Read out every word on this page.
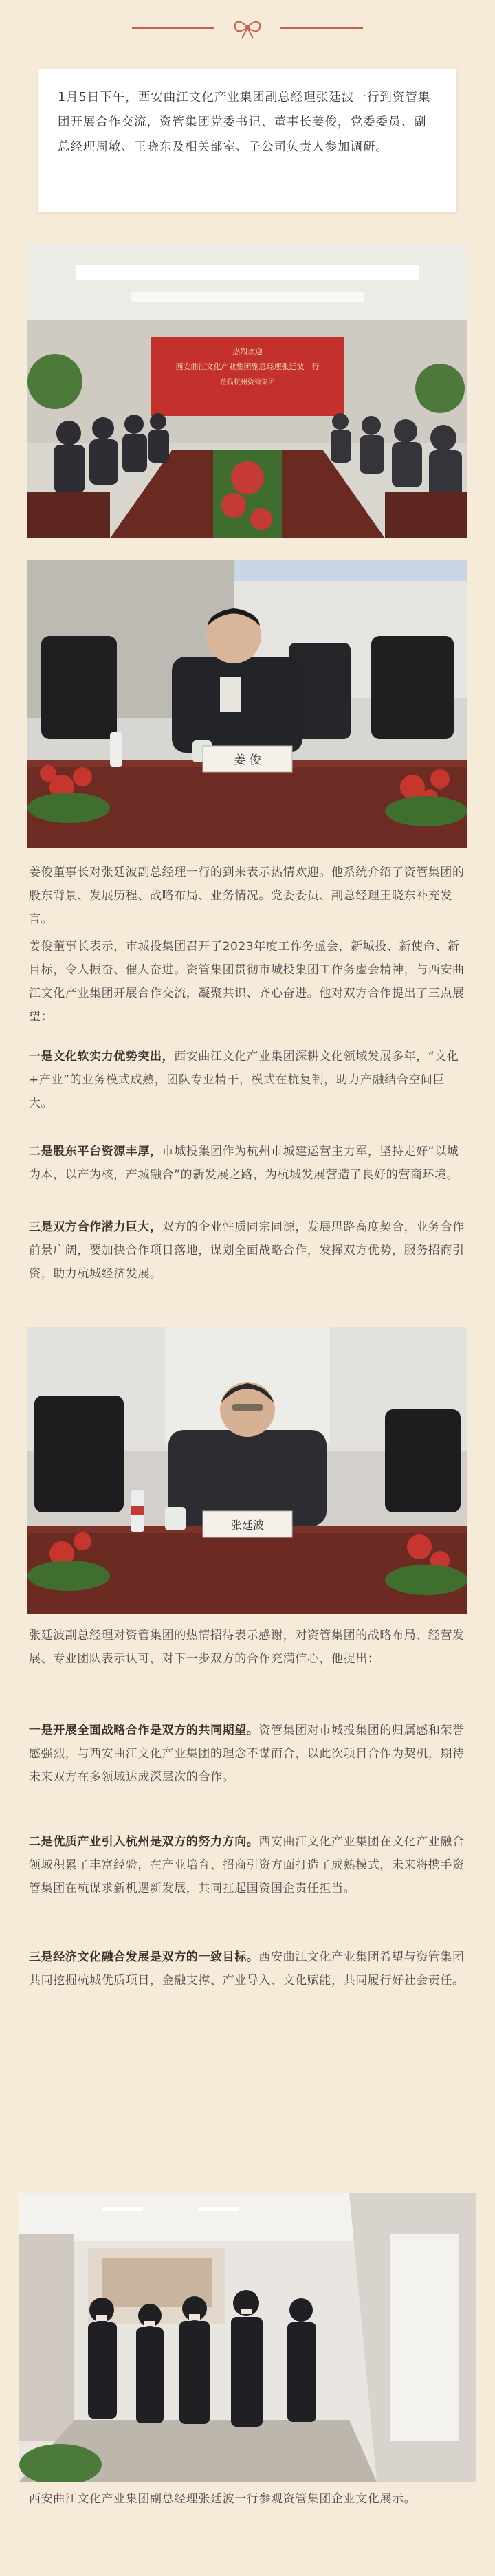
1月5日下午，西安曲江文化产业集团副总经理张廷波一行到资管集团开展合作交流，资管集团党委书记、董事长姜俊，党委委员、副总经理周敏、王晓东及相关部室、子公司负责人参加调研。
热烈欢迎
西安曲江文化产业集团副总经理张廷波一行
莅临杭州资管集团
姜 俊
姜俊董事长对张廷波副总经理一行的到来表示热情欢迎。他系统介绍了资管集团的股东背景、发展历程、战略布局、业务情况。党委委员、副总经理王晓东补充发言。
姜俊董事长表示，市城投集团召开了2023年度工作务虚会，新城投、新使命、新目标，令人振奋、催人奋进。资管集团贯彻市城投集团工作务虚会精神，与西安曲江文化产业集团开展合作交流，凝聚共识、齐心奋进。他对双方合作提出了三点展望：
一是文化软实力优势突出，西安曲江文化产业集团深耕文化领域发展多年，“文化+产业”的业务模式成熟，团队专业精干，模式在杭复制，助力产融结合空间巨大。
二是股东平台资源丰厚，市城投集团作为杭州市城建运营主力军，坚持走好“以城为本，以产为核，产城融合”的新发展之路，为杭城发展营造了良好的营商环境。
三是双方合作潜力巨大，双方的企业性质同宗同源，发展思路高度契合，业务合作前景广阔，要加快合作项目落地，谋划全面战略合作，发挥双方优势，服务招商引资，助力杭城经济发展。
张廷波
张廷波副总经理对资管集团的热情招待表示感谢，对资管集团的战略布局、经营发展、专业团队表示认可，对下一步双方的合作充满信心，他提出：
一是开展全面战略合作是双方的共同期望。资管集团对市城投集团的归属感和荣誉感强烈，与西安曲江文化产业集团的理念不谋而合，以此次项目合作为契机，期待未来双方在多领域达成深层次的合作。
二是优质产业引入杭州是双方的努力方向。西安曲江文化产业集团在文化产业融合领域积累了丰富经验，在产业培育、招商引资方面打造了成熟模式，未来将携手资管集团在杭谋求新机遇新发展，共同扛起国资国企责任担当。
三是经济文化融合发展是双方的一致目标。西安曲江文化产业集团希望与资管集团共同挖掘杭城优质项目，金融支撑、产业导入、文化赋能，共同履行好社会责任。
西安曲江文化产业集团副总经理张廷波一行参观资管集团企业文化展示。
